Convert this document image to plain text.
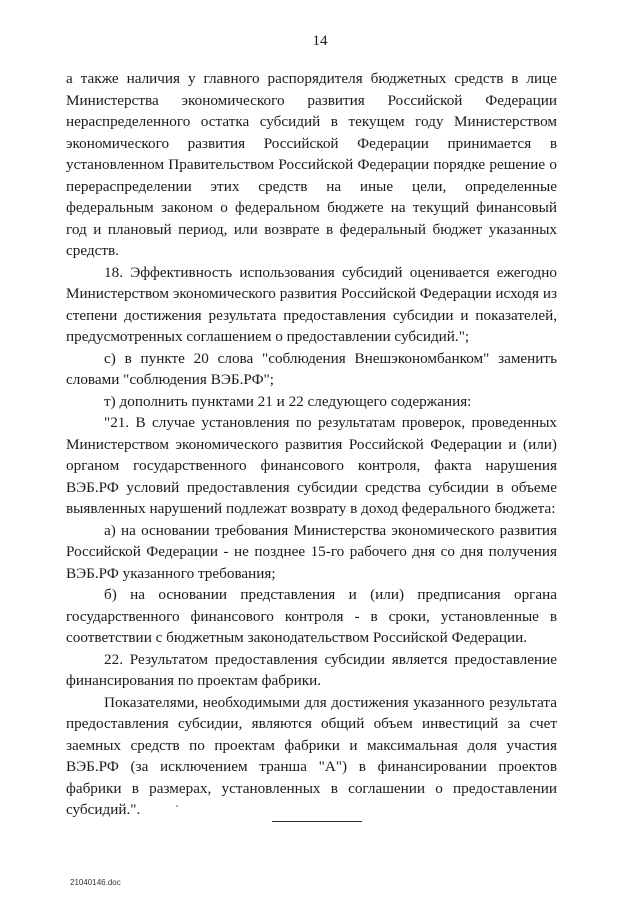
14

а также наличия у главного распорядителя бюджетных средств в лице Министерства экономического развития Российской Федерации нераспределенного остатка субсидий в текущем году Министерством экономического развития Российской Федерации принимается в установленном Правительством Российской Федерации порядке решение о перераспределении этих средств на иные цели, определенные федеральным законом о федеральном бюджете на текущий финансовый год и плановый период, или возврате в федеральный бюджет указанных средств.

18. Эффективность использования субсидий оценивается ежегодно Министерством экономического развития Российской Федерации исходя из степени достижения результата предоставления субсидии и показателей, предусмотренных соглашением о предоставлении субсидий.";

с) в пункте 20 слова "соблюдения Внешэкономбанком" заменить словами "соблюдения ВЭБ.РФ";

т) дополнить пунктами 21 и 22 следующего содержания:

"21. В случае установления по результатам проверок, проведенных Министерством экономического развития Российской Федерации и (или) органом государственного финансового контроля, факта нарушения ВЭБ.РФ условий предоставления субсидии средства субсидии в объеме выявленных нарушений подлежат возврату в доход федерального бюджета:

а) на основании требования Министерства экономического развития Российской Федерации - не позднее 15-го рабочего дня со дня получения ВЭБ.РФ указанного требования;

б) на основании представления и (или) предписания органа государственного финансового контроля - в сроки, установленные в соответствии с бюджетным законодательством Российской Федерации.

22. Результатом предоставления субсидии является предоставление финансирования по проектам фабрики.

Показателями, необходимыми для достижения указанного результата предоставления субсидии, являются общий объем инвестиций за счет заемных средств по проектам фабрики и максимальная доля участия ВЭБ.РФ (за исключением транша "А") в финансировании проектов фабрики в размерах, установленных в соглашении о предоставлении субсидий.".

21040146.doc
